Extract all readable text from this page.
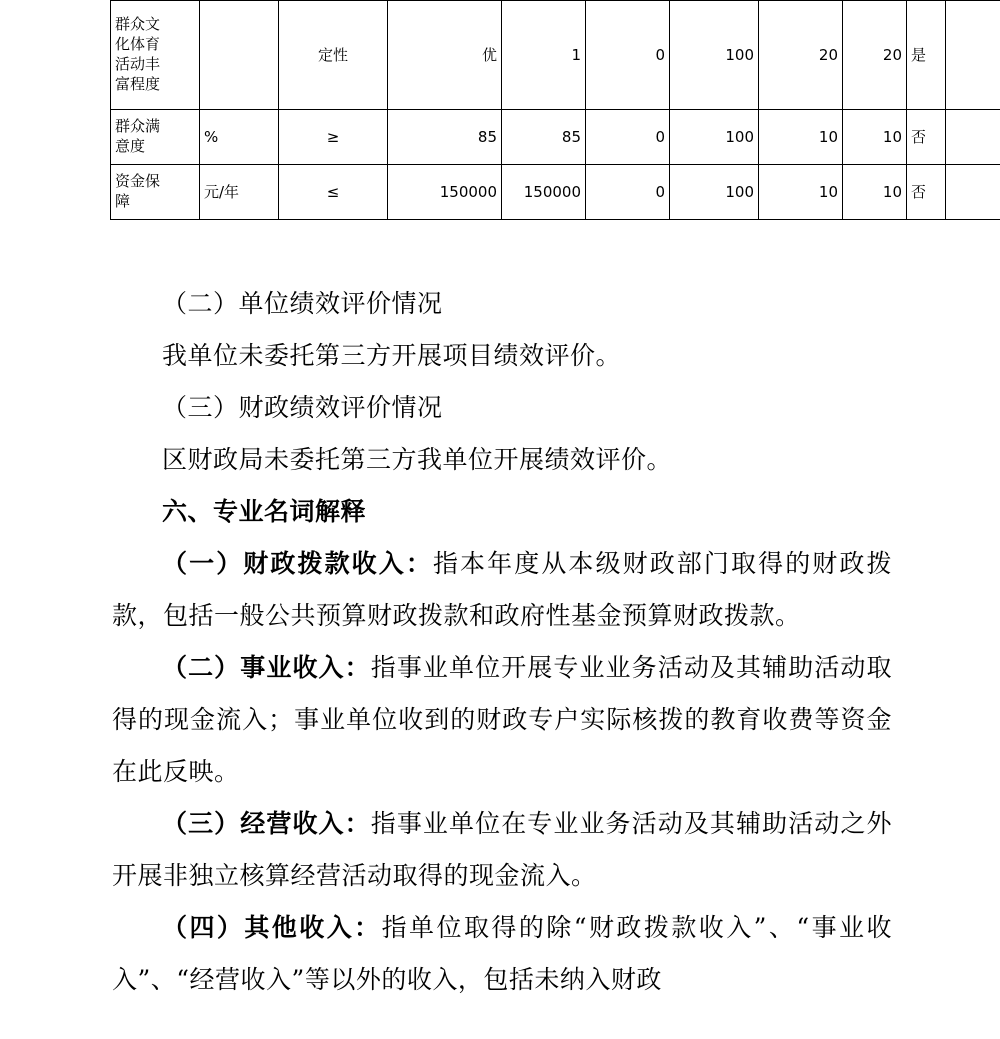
群众文化体育活动丰富程度		定性	优	1	0	100	20	20	是	

群众满意度	%	≥	85	85	0	100	10	10	否	

资金保障	元/年	≤	150000	150000	0	100	10	10	否	

（二）单位绩效评价情况

我单位未委托第三方开展项目绩效评价。

（三）财政绩效评价情况

区财政局未委托第三方我单位开展绩效评价。

六、专业名词解释

（一）财政拨款收入：指本年度从本级财政部门取得的财政拨款，包括一般公共预算财政拨款和政府性基金预算财政拨款。

（二）事业收入：指事业单位开展专业业务活动及其辅助活动取得的现金流入；事业单位收到的财政专户实际核拨的教育收费等资金在此反映。

（三）经营收入：指事业单位在专业业务活动及其辅助活动之外开展非独立核算经营活动取得的现金流入。

（四）其他收入：指单位取得的除“财政拨款收入”、“事业收入”、“经营收入”等以外的收入，包括未纳入财政
